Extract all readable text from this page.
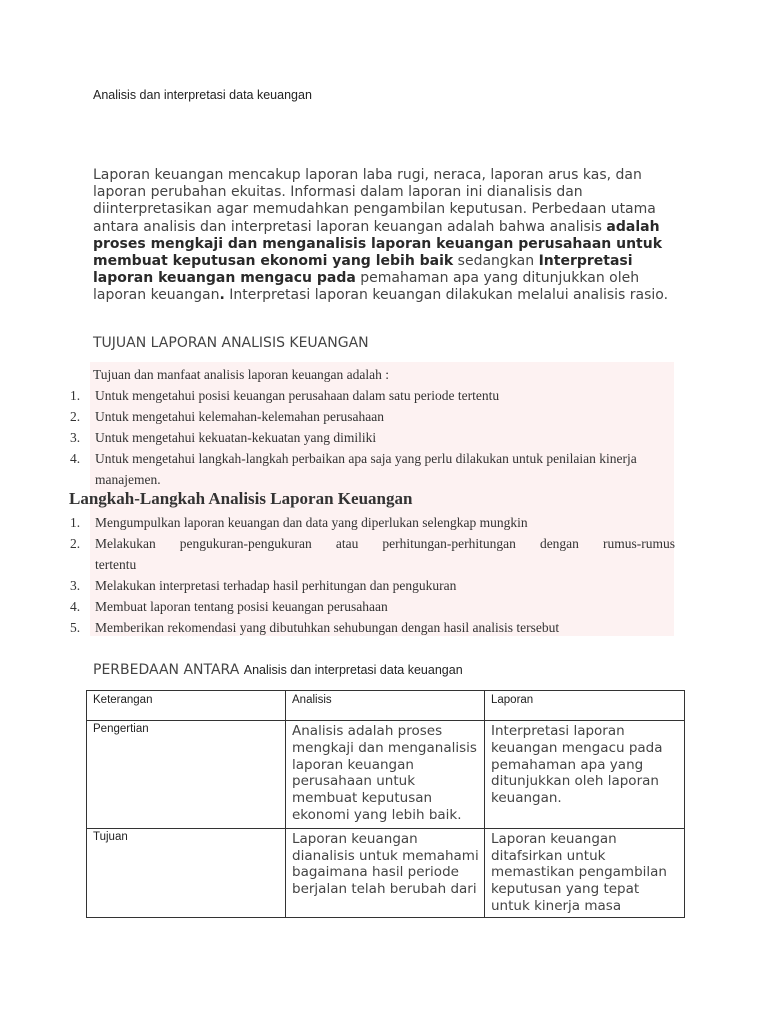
Analisis dan interpretasi data keuangan
Laporan keuangan mencakup laporan laba rugi, neraca, laporan arus kas, dan laporan perubahan ekuitas. Informasi dalam laporan ini dianalisis dan diinterpretasikan agar memudahkan pengambilan keputusan. Perbedaan utama antara analisis dan interpretasi laporan keuangan adalah bahwa analisis adalah proses mengkaji dan menganalisis laporan keuangan perusahaan untuk membuat keputusan ekonomi yang lebih baik sedangkan Interpretasi laporan keuangan mengacu pada pemahaman apa yang ditunjukkan oleh laporan keuangan. Interpretasi laporan keuangan dilakukan melalui analisis rasio.
TUJUAN LAPORAN ANALISIS KEUANGAN
Tujuan dan manfaat analisis laporan keuangan adalah :
1. Untuk mengetahui posisi keuangan perusahaan dalam satu periode tertentu
2. Untuk mengetahui kelemahan-kelemahan perusahaan
3. Untuk mengetahui kekuatan-kekuatan yang dimiliki
4. Untuk mengetahui langkah-langkah perbaikan apa saja yang perlu dilakukan untuk penilaian kinerja manajemen.
Langkah-Langkah Analisis Laporan Keuangan
1. Mengumpulkan laporan keuangan dan data yang diperlukan selengkap mungkin
2. Melakukan pengukuran-pengukuran atau perhitungan-perhitungan dengan rumus-rumus
tertentu
3. Melakukan interpretasi terhadap hasil perhitungan dan pengukuran
4. Membuat laporan tentang posisi keuangan perusahaan
5. Memberikan rekomendasi yang dibutuhkan sehubungan dengan hasil analisis tersebut
PERBEDAAN ANTARA Analisis dan interpretasi data keuangan
Keterangan	Analisis	Laporan
Pengertian	Analisis adalah proses mengkaji dan menganalisis laporan keuangan perusahaan untuk membuat keputusan ekonomi yang lebih baik.	Interpretasi laporan keuangan mengacu pada pemahaman apa yang ditunjukkan oleh laporan keuangan.
Tujuan	Laporan keuangan dianalisis untuk memahami bagaimana hasil periode berjalan telah berubah dari	Laporan keuangan ditafsirkan untuk memastikan pengambilan keputusan yang tepat untuk kinerja masa
